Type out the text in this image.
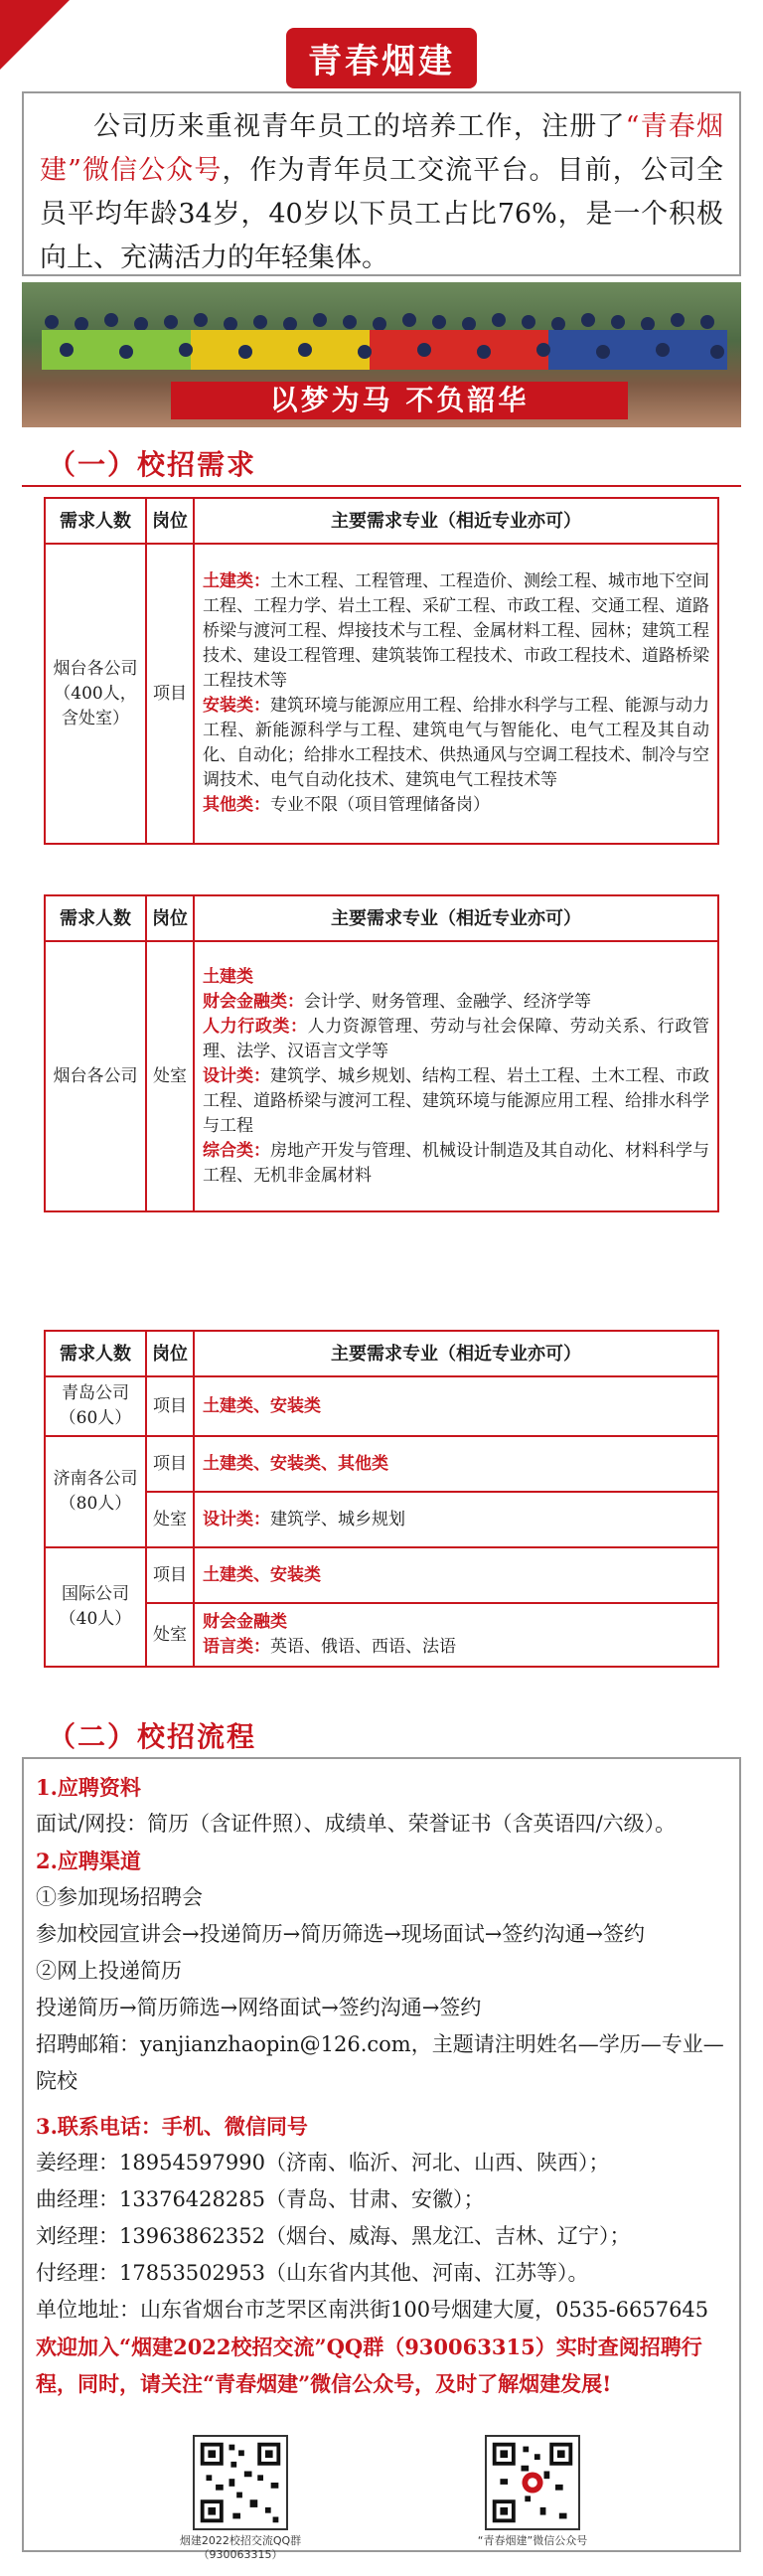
青春烟建
公司历来重视青年员工的培养工作，注册了“青春烟建”微信公众号，作为青年员工交流平台。目前，公司全员平均年龄34岁，40岁以下员工占比76%，是一个积极向上、充满活力的年轻集体。
以梦为马 不负韶华
（一）校招需求
需求人数	岗位	主要需求专业（相近专业亦可）
烟台各公司（400人，含处室）	项目	土建类：土木工程、工程管理、工程造价、测绘工程、城市地下空间工程、工程力学、岩土工程、采矿工程、市政工程、交通工程、道路桥梁与渡河工程、焊接技术与工程、金属材料工程、园林；建筑工程技术、建设工程管理、建筑装饰工程技术、市政工程技术、道路桥梁工程技术等
安装类：建筑环境与能源应用工程、给排水科学与工程、能源与动力工程、新能源科学与工程、建筑电气与智能化、电气工程及其自动化、自动化；给排水工程技术、供热通风与空调工程技术、制冷与空调技术、电气自动化技术、建筑电气工程技术等
其他类：专业不限（项目管理储备岗）
需求人数	岗位	主要需求专业（相近专业亦可）
烟台各公司	处室	土建类
财会金融类：会计学、财务管理、金融学、经济学等
人力行政类：人力资源管理、劳动与社会保障、劳动关系、行政管理、法学、汉语言文学等
设计类：建筑学、城乡规划、结构工程、岩土工程、土木工程、市政工程、道路桥梁与渡河工程、建筑环境与能源应用工程、给排水科学与工程
综合类：房地产开发与管理、机械设计制造及其自动化、材料科学与工程、无机非金属材料
需求人数	岗位	主要需求专业（相近专业亦可）
青岛公司（60人）	项目	土建类、安装类
济南各公司（80人）	项目	土建类、安装类、其他类
	处室	设计类：建筑学、城乡规划
国际公司（40人）	项目	土建类、安装类
	处室	财会金融类
语言类：英语、俄语、西语、法语
（二）校招流程

1.应聘资料

面试/网投：简历（含证件照）、成绩单、荣誉证书（含英语四/六级）。

2.应聘渠道

①参加现场招聘会

参加校园宣讲会→投递简历→简历筛选→现场面试→签约沟通→签约

②网上投递简历

投递简历→简历筛选→网络面试→签约沟通→签约

招聘邮箱：yanjianzhaopin@126.com，主题请注明姓名—学历—专业—院校

3.联系电话：手机、微信同号

姜经理：18954597990（济南、临沂、河北、山西、陕西）；

曲经理：13376428285（青岛、甘肃、安徽）；

刘经理：13963862352（烟台、威海、黑龙江、吉林、辽宁）；

付经理：17853502953（山东省内其他、河南、江苏等）。

单位地址：山东省烟台市芝罘区南洪街100号烟建大厦，0535-6657645

欢迎加入“烟建2022校招交流”QQ群（930063315）实时查阅招聘行程，同时，请关注“青春烟建”微信公众号，及时了解烟建发展!

烟建2022校招交流QQ群
（930063315）
“青春烟建”微信公众号
